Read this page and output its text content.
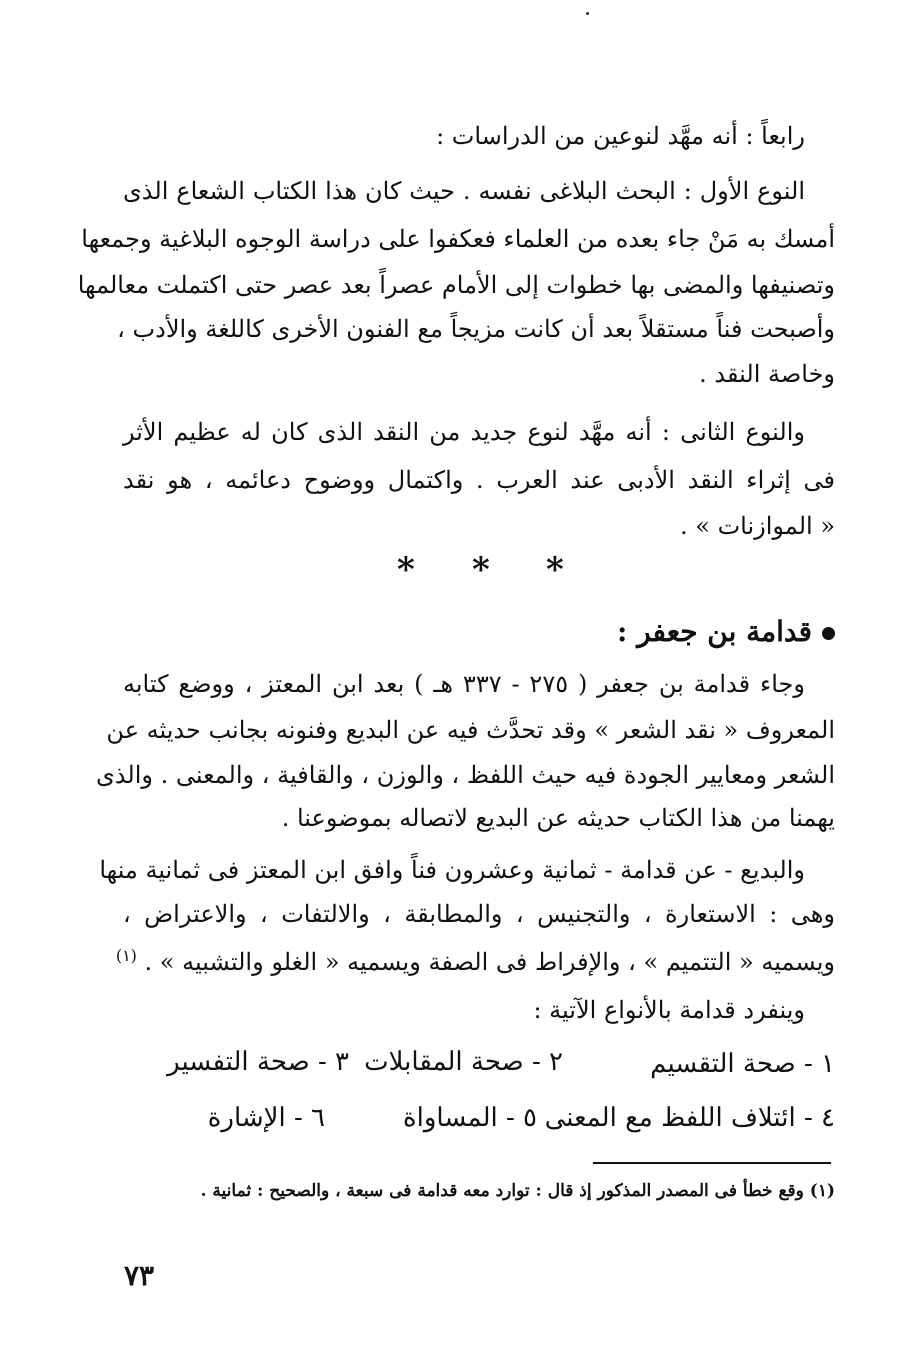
رابعاً : أنه مهَّد لنوعين من الدراسات :
النوع الأول : البحث البلاغى نفسه . حيث كان هذا الكتاب الشعاع الذى
أمسك به مَنْ جاء بعده من العلماء فعكفوا على دراسة الوجوه البلاغية وجمعها
وتصنيفها والمضى بها خطوات إلى الأمام عصراً بعد عصر حتى اكتملت معالمها
وأصبحت فناً مستقلاً بعد أن كانت مزيجاً مع الفنون الأخرى كاللغة والأدب ،
وخاصة النقد .
والنوع الثانى : أنه مهَّد لنوع جديد من النقد الذى كان له عظيم الأثر
فى إثراء النقد الأدبى عند العرب . واكتمال ووضوح دعائمه ، هو نقد
« الموازنات » .
* * *
قدامة بن جعفر :
وجاء قدامة بن جعفر ( ٢٧٥ - ٣٣٧ هـ ) بعد ابن المعتز ، ووضع كتابه
المعروف « نقد الشعر » وقد تحدَّث فيه عن البديع وفنونه بجانب حديثه عن
الشعر ومعايير الجودة فيه حيث اللفظ ، والوزن ، والقافية ، والمعنى . والذى
يهمنا من هذا الكتاب حديثه عن البديع لاتصاله بموضوعنا .
والبديع - عن قدامة - ثمانية وعشرون فناً وافق ابن المعتز فى ثمانية منها
وهى : الاستعارة ، والتجنيس ، والمطابقة ، والالتفات ، والاعتراض ،
ويسميه « التتميم » ، والإفراط فى الصفة ويسميه « الغلو والتشبيه » . $^{(١)}$
وينفرد قدامة بالأنواع الآتية :
١ - صحة التقسيم
٢ - صحة المقابلات
٣ - صحة التفسير
٤ - ائتلاف اللفظ مع المعنى
٥ - المساواة
٦ - الإشارة
(١) وقع خطأ فى المصدر المذكور إذ قال : توارد معه قدامة فى سبعة ، والصحيح : ثمانية .
٧٣
